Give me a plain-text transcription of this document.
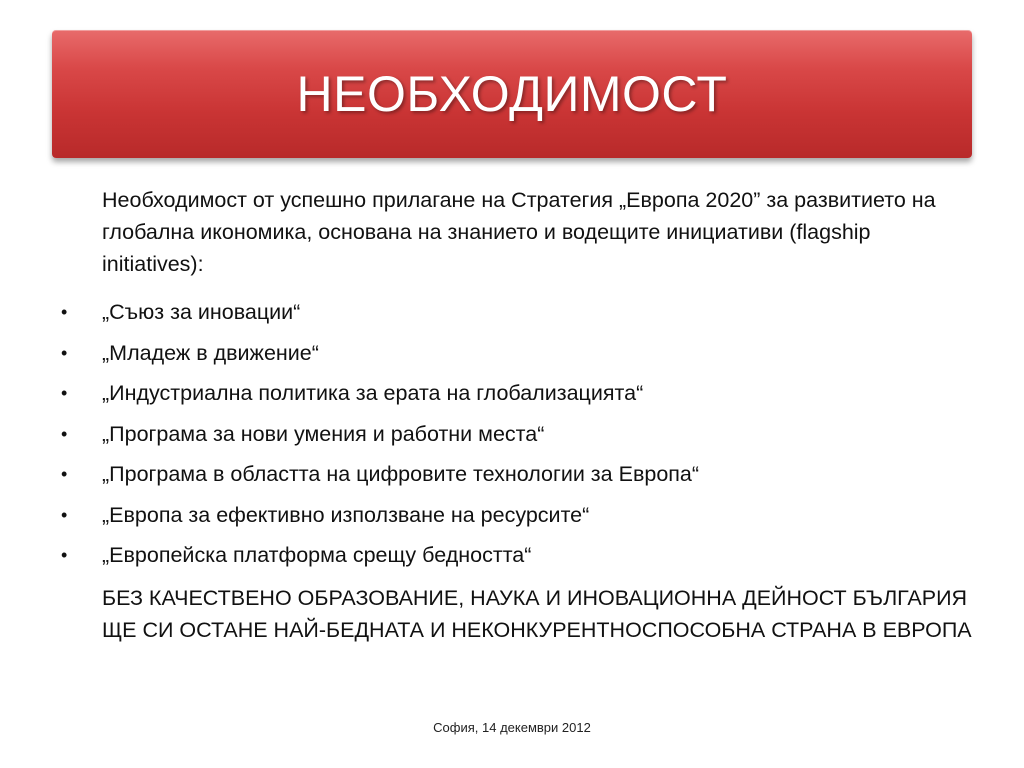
НЕОБХОДИМОСТ
Необходимост от успешно прилагане на Стратегия „Европа 2020” за развитието на глобална икономика, основана на знанието и водещите инициативи (flagship initiatives):
• „Съюз за иновации“
• „Младеж в движение“
• „Индустриална политика за ерата на глобализацията“
• „Програма за нови умения и работни места“
• „Програма в областта на цифровите технологии за Европа“
• „Европа за ефективно използване на ресурсите“
• „Европейска платформа срещу бедността“
БЕЗ КАЧЕСТВЕНО ОБРАЗОВАНИЕ, НАУКА И ИНОВАЦИОННА ДЕЙНОСТ БЪЛГАРИЯ ЩЕ СИ ОСТАНЕ НАЙ-БЕДНАТА И НЕКОНКУРЕНТНОСПОСОБНА СТРАНА В ЕВРОПА
София, 14 декември 2012
